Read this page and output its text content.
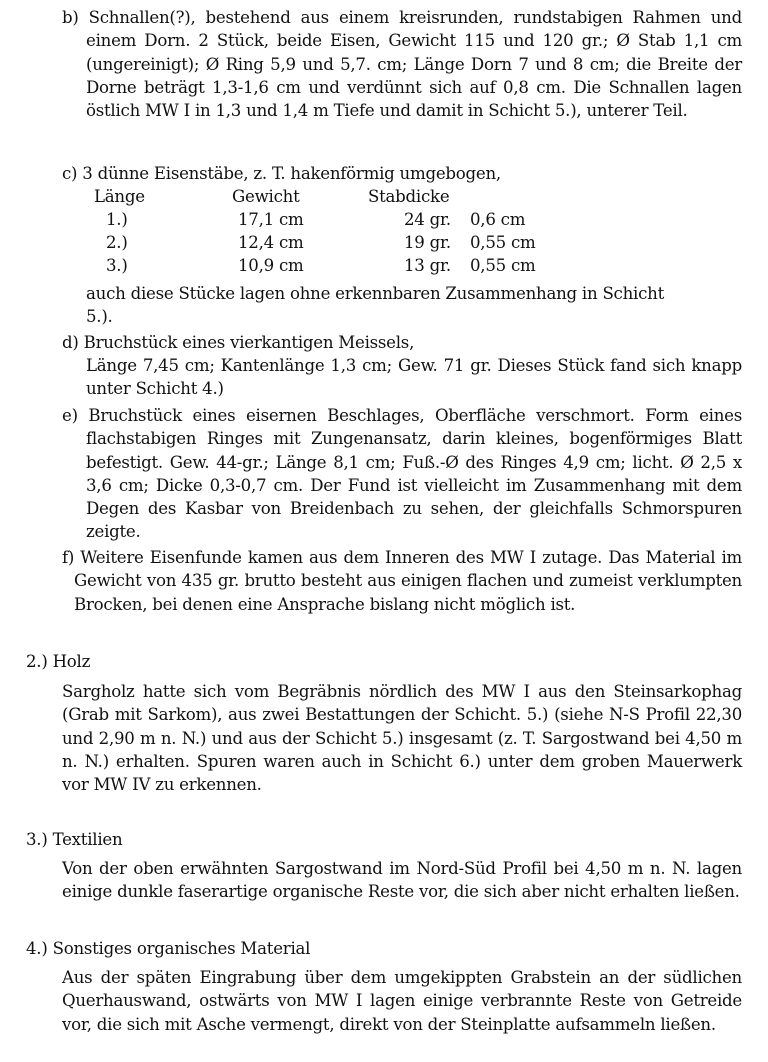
b) Schnallen(?), bestehend aus einem kreisrunden, rundstabigen Rahmen und einem Dorn. 2 Stück, beide Eisen, Gewicht 115 und 120 gr.; Ø Stab 1,1 cm (ungereinigt); Ø Ring 5,9 und 5,7. cm; Länge Dorn 7 und 8 cm; die Breite der Dorne beträgt 1,3-1,6 cm und verdünnt sich auf 0,8 cm. Die Schnallen lagen östlich MW I in 1,3 und 1,4 m Tiefe und damit in Schicht 5.), unterer Teil.
c) 3 dünne Eisenstäbe, z. T. hakenförmig umgebogen,
Länge	Gewicht	Stabdicke
1.)	17,1 cm	24 gr. 0,6 cm
2.)	12,4 cm	19 gr. 0,55 cm
3.)	10,9 cm	13 gr. 0,55 cm
auch diese Stücke lagen ohne erkennbaren Zusammenhang in Schicht 5.).
d) Bruchstück eines vierkantigen Meissels,
Länge 7,45 cm; Kantenlänge 1,3 cm; Gew. 71 gr. Dieses Stück fand sich knapp unter Schicht 4.)
e) Bruchstück eines eisernen Beschlages, Oberfläche verschmort. Form eines flachstabigen Ringes mit Zungenansatz, darin kleines, bogenförmiges Blatt befestigt. Gew. 44-gr.; Länge 8,1 cm; Fuß.-Ø des Ringes 4,9 cm; licht. Ø 2,5 x 3,6 cm; Dicke 0,3-0,7 cm. Der Fund ist vielleicht im Zusammenhang mit dem Degen des Kasbar von Breidenbach zu sehen, der gleichfalls Schmorspuren zeigte.
f) Weitere Eisenfunde kamen aus dem Inneren des MW I zutage. Das Material im Gewicht von 435 gr. brutto besteht aus einigen flachen und zumeist verklumpten Brocken, bei denen eine Ansprache bislang nicht möglich ist.
2.) Holz
Sargholz hatte sich vom Begräbnis nördlich des MW I aus den Steinsarkophag (Grab mit Sarkom), aus zwei Bestattungen der Schicht. 5.) (siehe N-S Profil 22,30 und 2,90 m n. N.) und aus der Schicht 5.) insgesamt (z. T. Sargostwand bei 4,50 m n. N.) erhalten. Spuren waren auch in Schicht 6.) unter dem groben Mauerwerk vor MW IV zu erkennen.
3.) Textilien
Von der oben erwähnten Sargostwand im Nord-Süd Profil bei 4,50 m n. N. lagen einige dunkle faserartige organische Reste vor, die sich aber nicht erhalten ließen.
4.) Sonstiges organisches Material
Aus der späten Eingrabung über dem umgekippten Grabstein an der südlichen Querhauswand, ostwärts von MW I lagen einige verbrannte Reste von Getreide vor, die sich mit Asche vermengt, direkt von der Steinplatte aufsammeln ließen.
